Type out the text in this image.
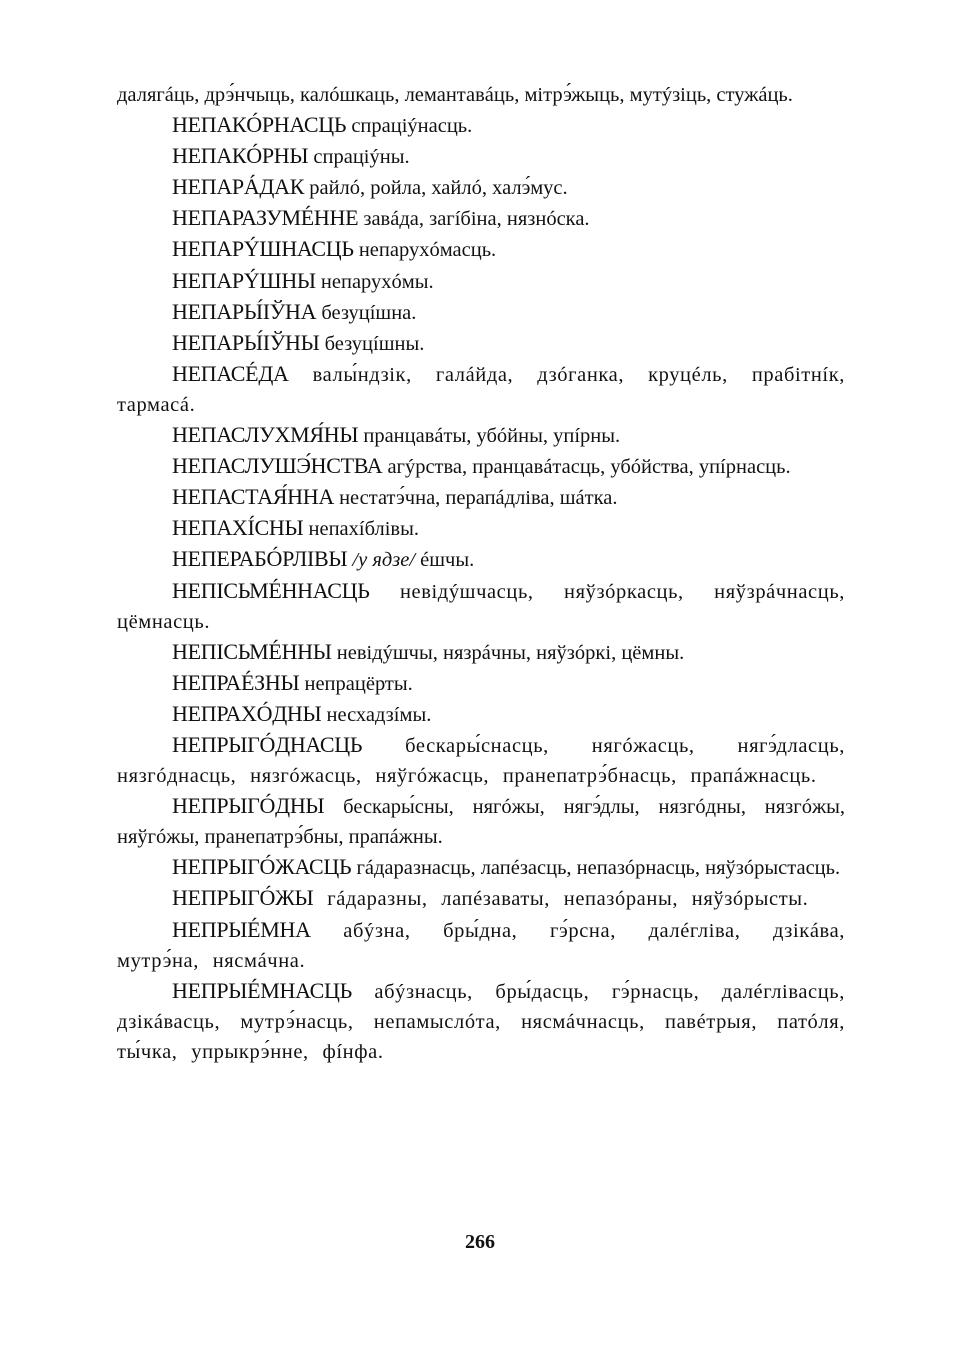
далягáць, дрэ́нчыць, калóшкаць, лемантавáць, мітрэ́жыць, мутýзіць, стужáць.

НЕПАКÓРНАСЦЬ спраціýнасць.

НЕПАКÓРНЫ спраціýны.

НЕПАРÁДАК райлó, ройла, хайлó, халэ́мус.

НЕПАРАЗУМÉННЕ завáда, загíбіна, нязнóска.

НЕПАРÝШНАСЦЬ непарухóмасць.

НЕПАРÝШНЫ непарухóмы.

НЕПАРЫ́ІЎНА безуцíшна.

НЕПАРЫ́ІЎНЫ безуцíшны.

НЕПАСÉДА валы́ндзік, галáйда, дзóганка, круцéль, прабітнíк, тармасá.

НЕПАСЛУХМЯ́НЫ пранцавáты, убóйны, упíрны.

НЕПАСЛУШЭ́НСТВА агýрства, пранцавáтасць, убóйства, упíрнасць.

НЕПАСТАЯ́ННА нестатэ́чна, перапáдліва, шáтка.

НЕПАХÍСНЫ непахíблівы.

НЕПЕРАБÓРЛІВЫ /у ядзе/ éшчы.

НЕПІСЬМÉННАСЦЬ невідýшчасць, няўзóркасць, няўзрáчнасць, цёмнасць.

НЕПІСЬМÉННЫ невідýшчы, нязрáчны, няўзóркі, цёмны.

НЕПРАÉЗНЫ непрацёрты.

НЕПРАХÓДНЫ несхадзíмы.

НЕПРЫГÓДНАСЦЬ бескары́снасць, нягóжасць, нягэ́дласць, нязгóднасць, нязгóжасць, няўгóжасць, пранепатрэ́бнасць, прапáжнасць.

НЕПРЫГÓДНЫ бескары́сны, нягóжы, нягэ́длы, нязгóдны, нязгóжы, няўгóжы, пранепатрэ́бны, прапáжны.

НЕПРЫГÓЖАСЦЬ гáдаразнасць, лапéзасць, непазóрнасць, няўзóрыстасць.

НЕПРЫГÓЖЫ гáдаразны, лапéзаваты, непазóраны, няўзóрысты.

НЕПРЫÉМНА абýзна, бры́дна, гэ́рсна, далéгліва, дзікáва, мутрэ́на, нясмáчна.

НЕПРЫÉМНАСЦЬ абýзнасць, бры́дасць, гэ́рнасць, далéглівасць, дзікáвасць, мутрэ́насць, непамыслóта, нясмáчнасць, павéтрыя, патóля, ты́чка, упрыкрэ́нне, фíнфа.

266
